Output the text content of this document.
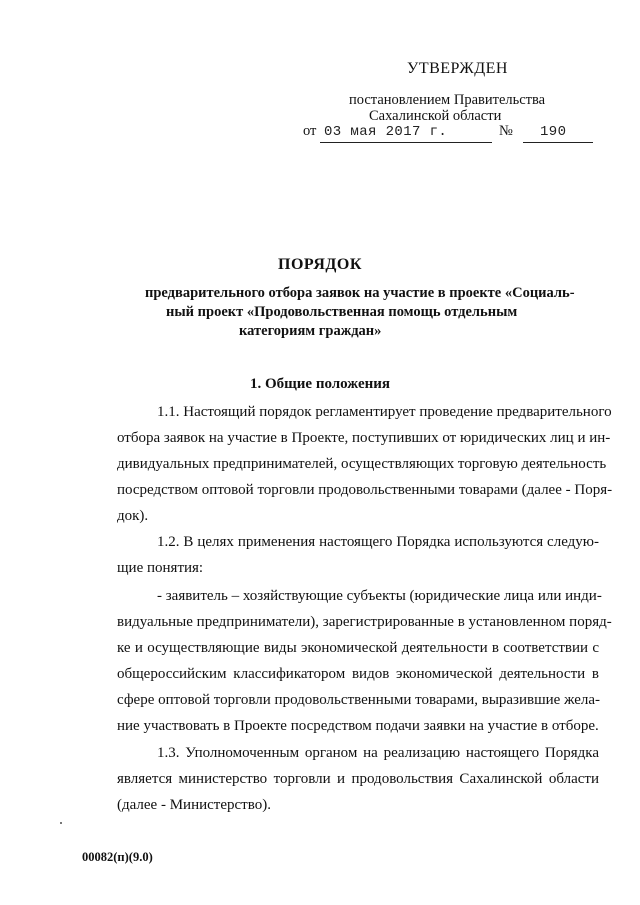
УТВЕРЖДЕН
постановлением Правительства
Сахалинской области
от 03 мая 2017 г.	№ 190
ПОРЯДОК
предварительного отбора заявок на участие в проекте «Социаль-
ный проект «Продовольственная помощь отдельным
категориям граждан»
1. Общие положения
1.1. Настоящий порядок регламентирует проведение предварительного
отбора заявок на участие в Проекте, поступивших от юридических лиц и ин-
дивидуальных предпринимателей, осуществляющих торговую деятельность
посредством оптовой торговли продовольственными товарами (далее - Поря-
док).
1.2. В целях применения настоящего Порядка используются следую-
щие понятия:
- заявитель – хозяйствующие субъекты (юридические лица или инди-
видуальные предприниматели), зарегистрированные в установленном поряд-
ке и осуществляющие виды экономической деятельности в соответствии с
общероссийским классификатором видов экономической деятельности в
сфере оптовой торговли продовольственными товарами, выразившие жела-
ние участвовать в Проекте посредством подачи заявки на участие в отборе.
1.3. Уполномоченным органом на реализацию настоящего Порядка
является министерство торговли и продовольствия Сахалинской области
(далее - Министерство).
00082(п)(9.0)
